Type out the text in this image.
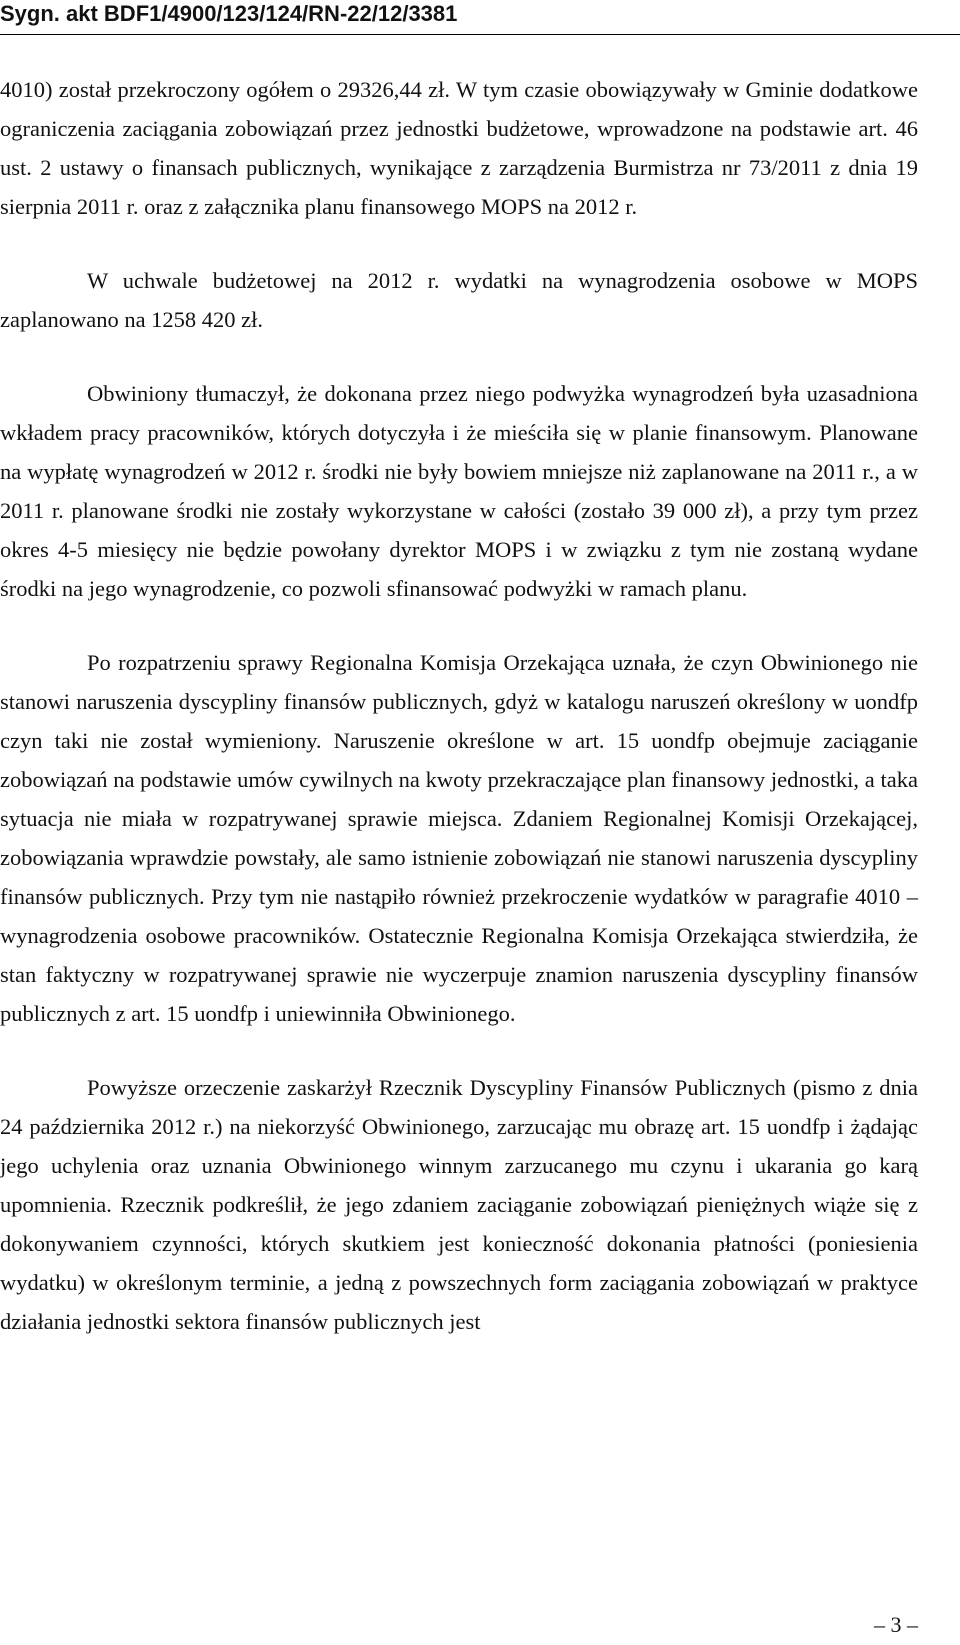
Sygn. akt BDF1/4900/123/124/RN-22/12/3381

4010) został przekroczony ogółem o 29326,44 zł. W tym czasie obowiązywały w Gminie dodatkowe ograniczenia zaciągania zobowiązań przez jednostki budżetowe, wprowadzone na podstawie art. 46 ust. 2 ustawy o finansach publicznych, wynikające z zarządzenia Burmistrza nr 73/2011 z dnia 19 sierpnia 2011 r. oraz z załącznika planu finansowego MOPS na 2012 r.

W uchwale budżetowej na 2012 r. wydatki na wynagrodzenia osobowe w MOPS zaplanowano na 1258 420 zł.

Obwiniony tłumaczył, że dokonana przez niego podwyżka wynagrodzeń była uzasadniona wkładem pracy pracowników, których dotyczyła i że mieściła się w planie finansowym. Planowane na wypłatę wynagrodzeń w 2012 r. środki nie były bowiem mniejsze niż zaplanowane na 2011 r., a w 2011 r. planowane środki nie zostały wykorzystane w całości (zostało 39 000 zł), a przy tym przez okres 4-5 miesięcy nie będzie powołany dyrektor MOPS i w związku z tym nie zostaną wydane środki na jego wynagrodzenie, co pozwoli sfinansować podwyżki w ramach planu.

Po rozpatrzeniu sprawy Regionalna Komisja Orzekająca uznała, że czyn Obwinionego nie stanowi naruszenia dyscypliny finansów publicznych, gdyż w katalogu naruszeń określony w uondfp czyn taki nie został wymieniony. Naruszenie określone w art. 15 uondfp obejmuje zaciąganie zobowiązań na podstawie umów cywilnych na kwoty przekraczające plan finansowy jednostki, a taka sytuacja nie miała w rozpatrywanej sprawie miejsca. Zdaniem Regionalnej Komisji Orzekającej, zobowiązania wprawdzie powstały, ale samo istnienie zobowiązań nie stanowi naruszenia dyscypliny finansów publicznych. Przy tym nie nastąpiło również przekroczenie wydatków w paragrafie 4010 – wynagrodzenia osobowe pracowników. Ostatecznie Regionalna Komisja Orzekająca stwierdziła, że stan faktyczny w rozpatrywanej sprawie nie wyczerpuje znamion naruszenia dyscypliny finansów publicznych z art. 15 uondfp i uniewinniła Obwinionego.

Powyższe orzeczenie zaskarżył Rzecznik Dyscypliny Finansów Publicznych (pismo z dnia 24 października 2012 r.) na niekorzyść Obwinionego, zarzucając mu obrazę art. 15 uondfp i żądając jego uchylenia oraz uznania Obwinionego winnym zarzucanego mu czynu i ukarania go karą upomnienia. Rzecznik podkreślił, że jego zdaniem zaciąganie zobowiązań pieniężnych wiąże się z dokonywaniem czynności, których skutkiem jest konieczność dokonania płatności (poniesienia wydatku) w określonym terminie, a jedną z powszechnych form zaciągania zobowiązań w praktyce działania jednostki sektora finansów publicznych jest

– 3 –
